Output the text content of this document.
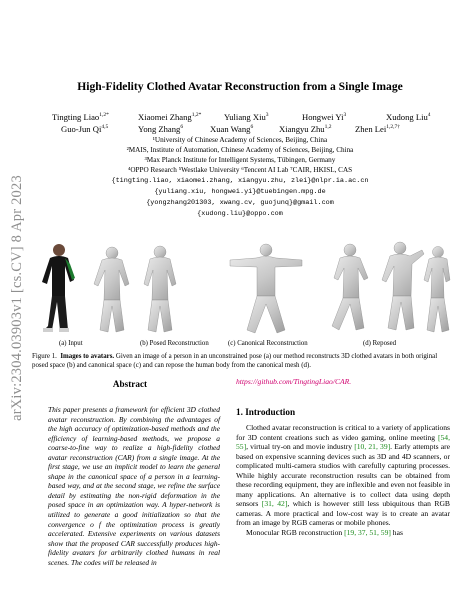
arXiv:2304.03903v1 [cs.CV] 8 Apr 2023
High-Fidelity Clothed Avatar Reconstruction from a Single Image
Tingting Liao$^{1,2*}$	Xiaomei Zhang$^{1,2*}$	Yuliang Xiu$^3$	Hongwei Yi$^3$	Xudong Liu$^4$
Guo-Jun Qi$^{4,5}$	Yong Zhang$^6$	Xuan Wang$^6$	Xiangyu Zhu$^{1,2}$	Zhen Lei$^{1,2,7\dagger}$
¹University of Chinese Academy of Sciences, Beijing, China
²MAIS, Institute of Automation, Chinese Academy of Sciences, Beijing, China
³Max Planck Institute for Intelligent Systems, Tübingen, Germany
⁴OPPO Research ⁵Westlake University ⁶Tencent AI Lab ⁷CAIR, HKISL, CAS
{tingting.liao, xiaomei.zhang, xiangyu.zhu, zlei}@nlpr.ia.ac.cn
{yuliang.xiu, hongwei.yi}@tuebingen.mpg.de
{yongzhang201303, xwang.cv, guojunq}@gmail.com
{xudong.liu}@oppo.com
(a) Input	(b) Posed Reconstruction	(c) Canonical Reconstruction	(d) Reposed
Figure 1. Images to avatars. Given an image of a person in an unconstrained pose (a) our method reconstructs 3D clothed avatars in both original posed space (b) and canonical space (c) and can repose the human body from the canonical mesh (d).
Abstract
This paper presents a framework for efficient 3D clothed avatar reconstruction. By combining the advantages of the high accuracy of optimization-based methods and the efficiency of learning-based methods, we propose a coarse-to-fine way to realize a high-fidelity clothed avatar reconstruction (CAR) from a single image. At the first stage, we use an implicit model to learn the general shape in the canonical space of a person in a learning-based way, and at the second stage, we refine the surface detail by estimating the non-rigid deformation in the posed space in an optimization way. A hyper-network is utilized to generate a good initialization so that the convergence o f the optimization process is greatly accelerated. Extensive experiments on various datasets show that the proposed CAR successfully produces high-fidelity avatars for arbitrarily clothed humans in real scenes. The codes will be released in
https://github.com/TingtingLiao/CAR.
1. Introduction

Clothed avatar reconstruction is critical to a variety of applications for 3D content creations such as video gaming, online meeting [54, 55], virtual try-on and movie industry [10, 21, 39]. Early attempts are based on expensive scanning devices such as 3D and 4D scanners, or complicated multi-camera studios with carefully capturing processes. While highly accurate reconstruction results can be obtained from these recording equipment, they are inflexible and even not feasible in many applications. An alternative is to collect data using depth sensors [31, 42], which is however still less ubiquitous than RGB cameras. A more practical and low-cost way is to create an avatar from an image by RGB cameras or mobile phones.

Monocular RGB reconstruction [19, 37, 51, 59] has
